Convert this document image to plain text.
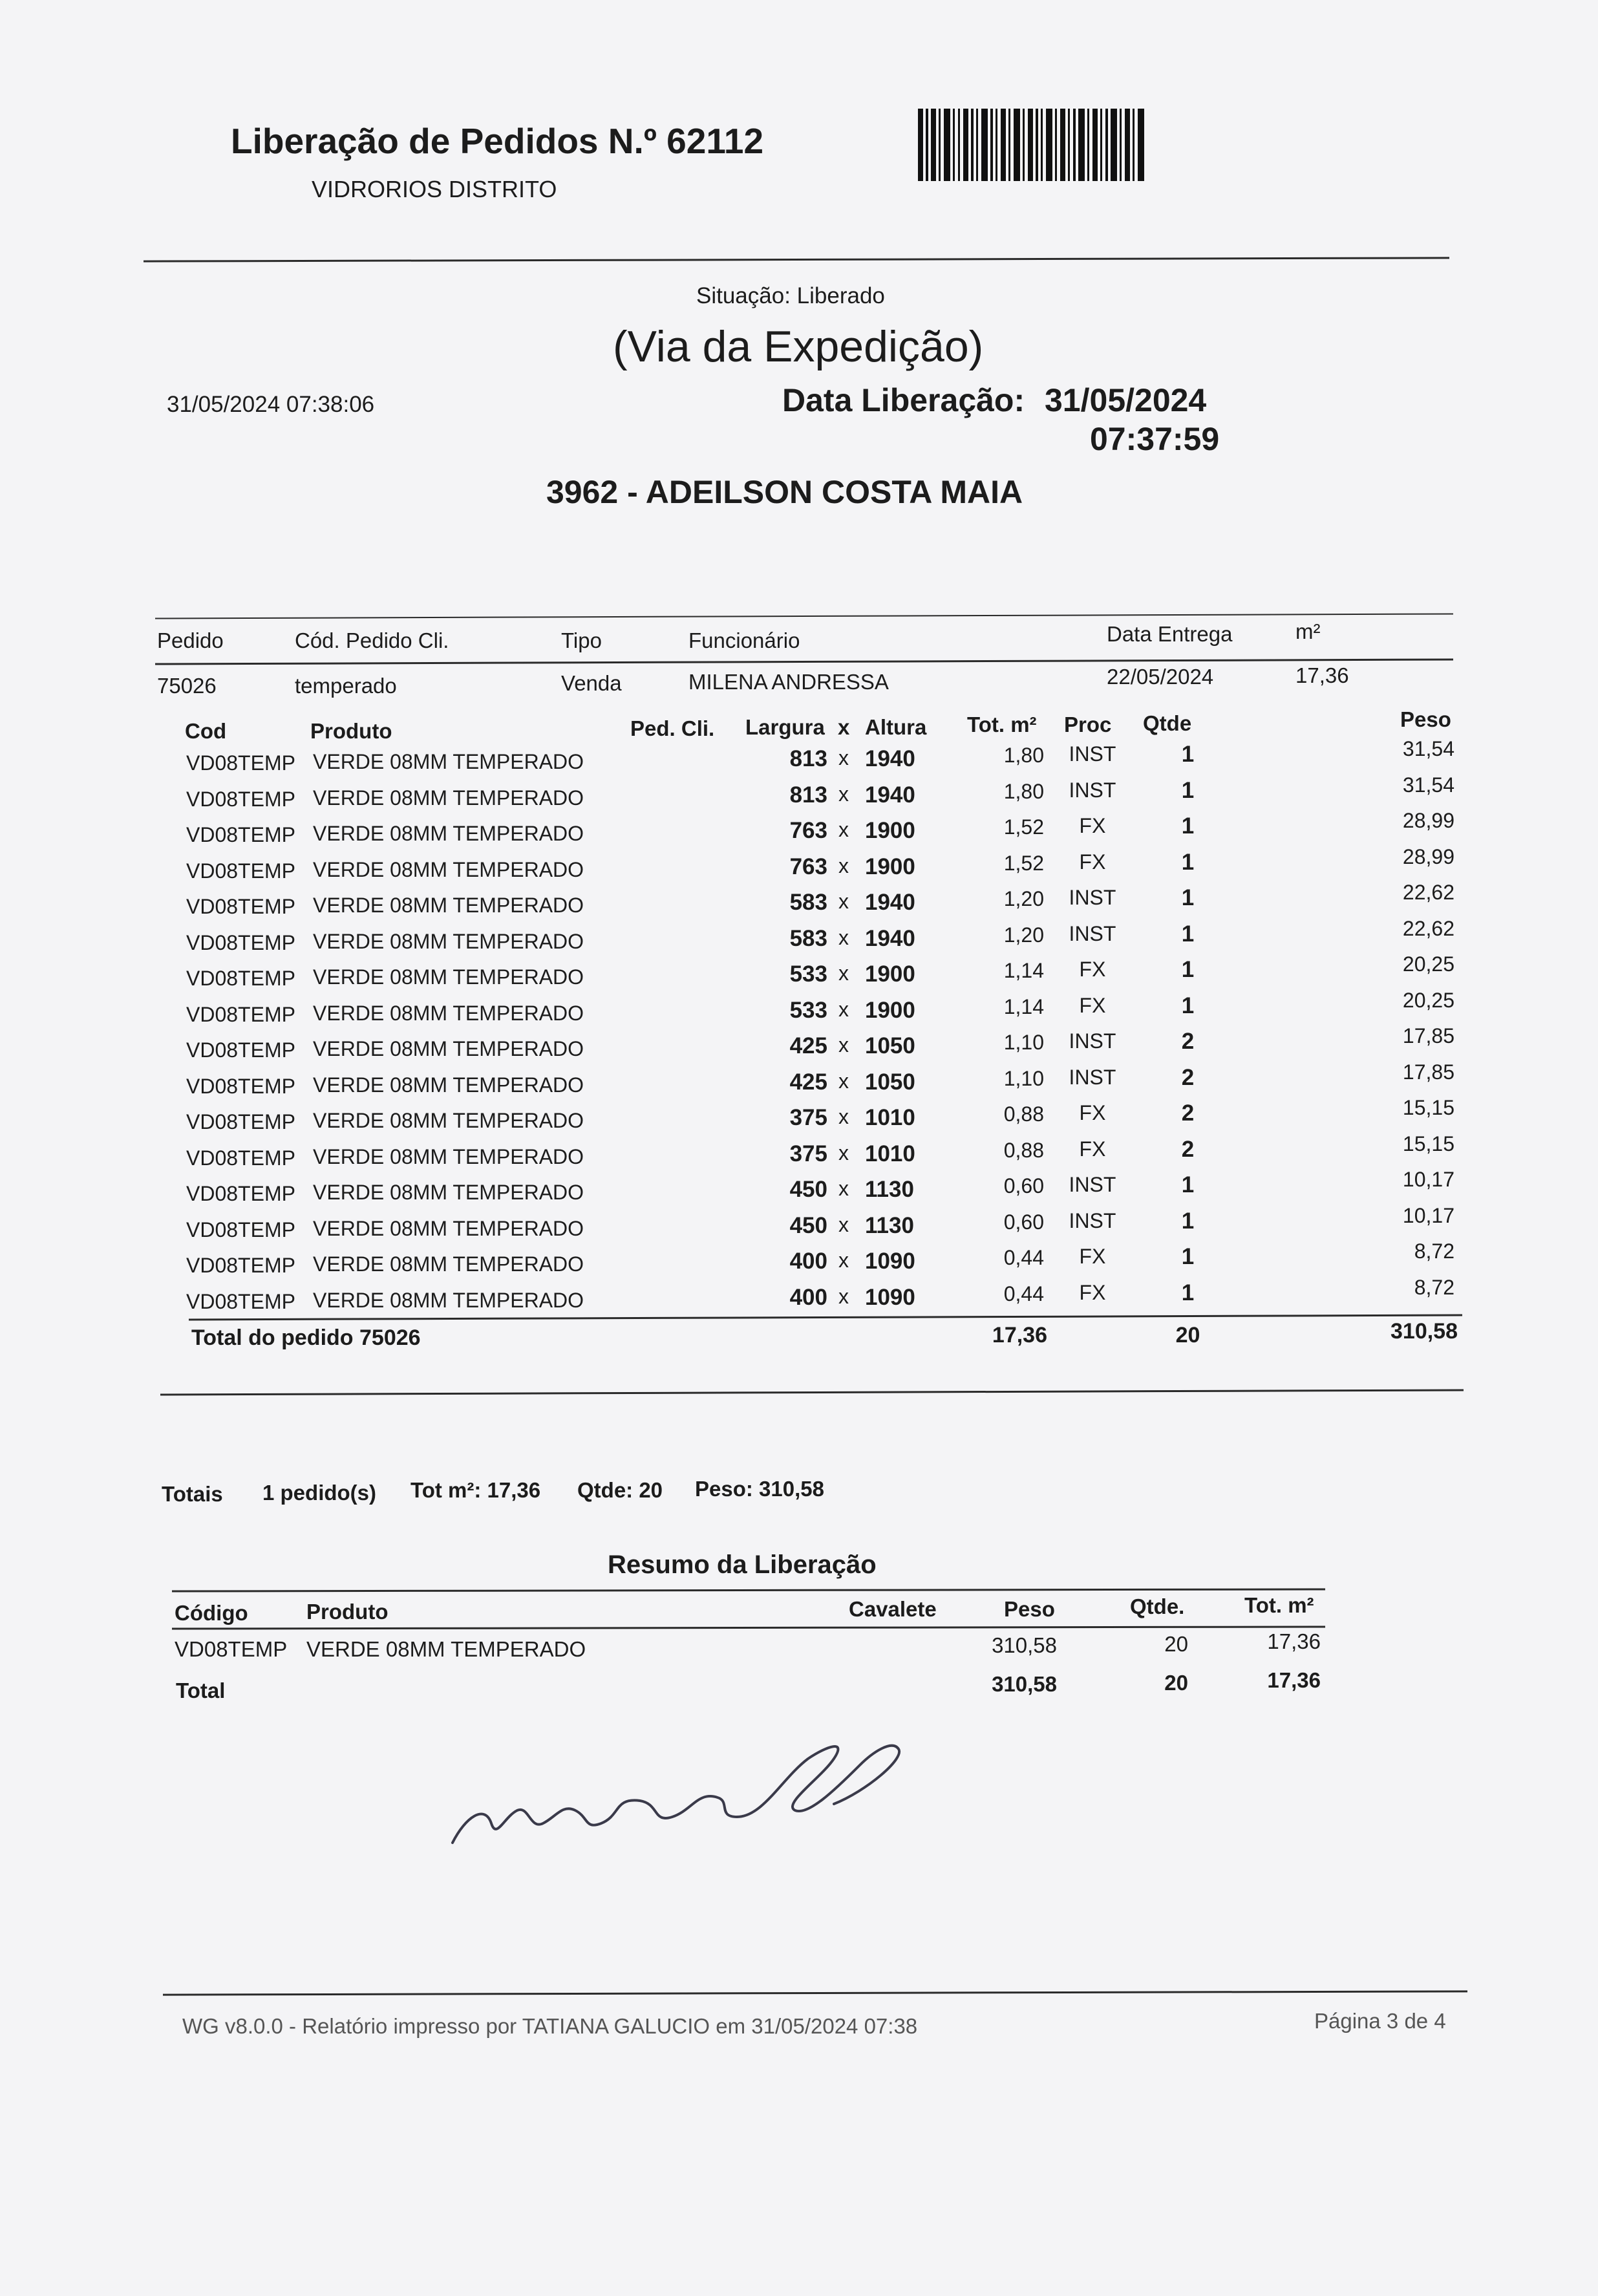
Liberação de Pedidos N.º 62112
VIDRORIOS DISTRITO
Situação: Liberado
(Via da Expedição)
31/05/2024 07:38:06	Data Liberação: 31/05/2024
07:37:59
3962 - ADEILSON COSTA MAIA
Pedido	Cód. Pedido Cli.	Tipo	Funcionário	Data Entrega	m²
75026	temperado	Venda	MILENA ANDRESSA	22/05/2024	17,36
Cod	Produto	Ped. Cli. Largura x Altura Tot. m² Proc Qtde	Peso
VD08TEMP VERDE 08MM TEMPERADO	813 x 1940	1,80	INST	1	31,54
VD08TEMP VERDE 08MM TEMPERADO	813 x 1940	1,80	INST	1	31,54
VD08TEMP VERDE 08MM TEMPERADO	763 x 1900	1,52	FX	1	28,99
VD08TEMP VERDE 08MM TEMPERADO	763 x 1900	1,52	FX	1	28,99
VD08TEMP VERDE 08MM TEMPERADO	583 x 1940	1,20	INST	1	22,62
VD08TEMP VERDE 08MM TEMPERADO	583 x 1940	1,20	INST	1	22,62
VD08TEMP VERDE 08MM TEMPERADO	533 x 1900	1,14	FX	1	20,25
VD08TEMP VERDE 08MM TEMPERADO	533 x 1900	1,14	FX	1	20,25
VD08TEMP VERDE 08MM TEMPERADO	425 x 1050	1,10	INST	2	17,85
VD08TEMP VERDE 08MM TEMPERADO	425 x 1050	1,10	INST	2	17,85
VD08TEMP VERDE 08MM TEMPERADO	375 x 1010	0,88	FX	2	15,15
VD08TEMP VERDE 08MM TEMPERADO	375 x 1010	0,88	FX	2	15,15
VD08TEMP VERDE 08MM TEMPERADO	450 x 1130	0,60	INST	1	10,17
VD08TEMP VERDE 08MM TEMPERADO	450 x 1130	0,60	INST	1	10,17
VD08TEMP VERDE 08MM TEMPERADO	400 x 1090	0,44	FX	1	8,72
VD08TEMP VERDE 08MM TEMPERADO	400 x 1090	0,44	FX	1	8,72
Total do pedido 75026	17,36	20	310,58
Totais 1 pedido(s) Tot m²: 17,36 Qtde: 20 Peso: 310,58
Resumo da Liberação
Código	Produto	Cavalete	Peso	Qtde.	Tot. m²
VD08TEMP VERDE 08MM TEMPERADO	310,58	20	17,36
Total	310,58	20	17,36
WG v8.0.0 - Relatório impresso por TATIANA GALUCIO em 31/05/2024 07:38	Página 3 de 4
